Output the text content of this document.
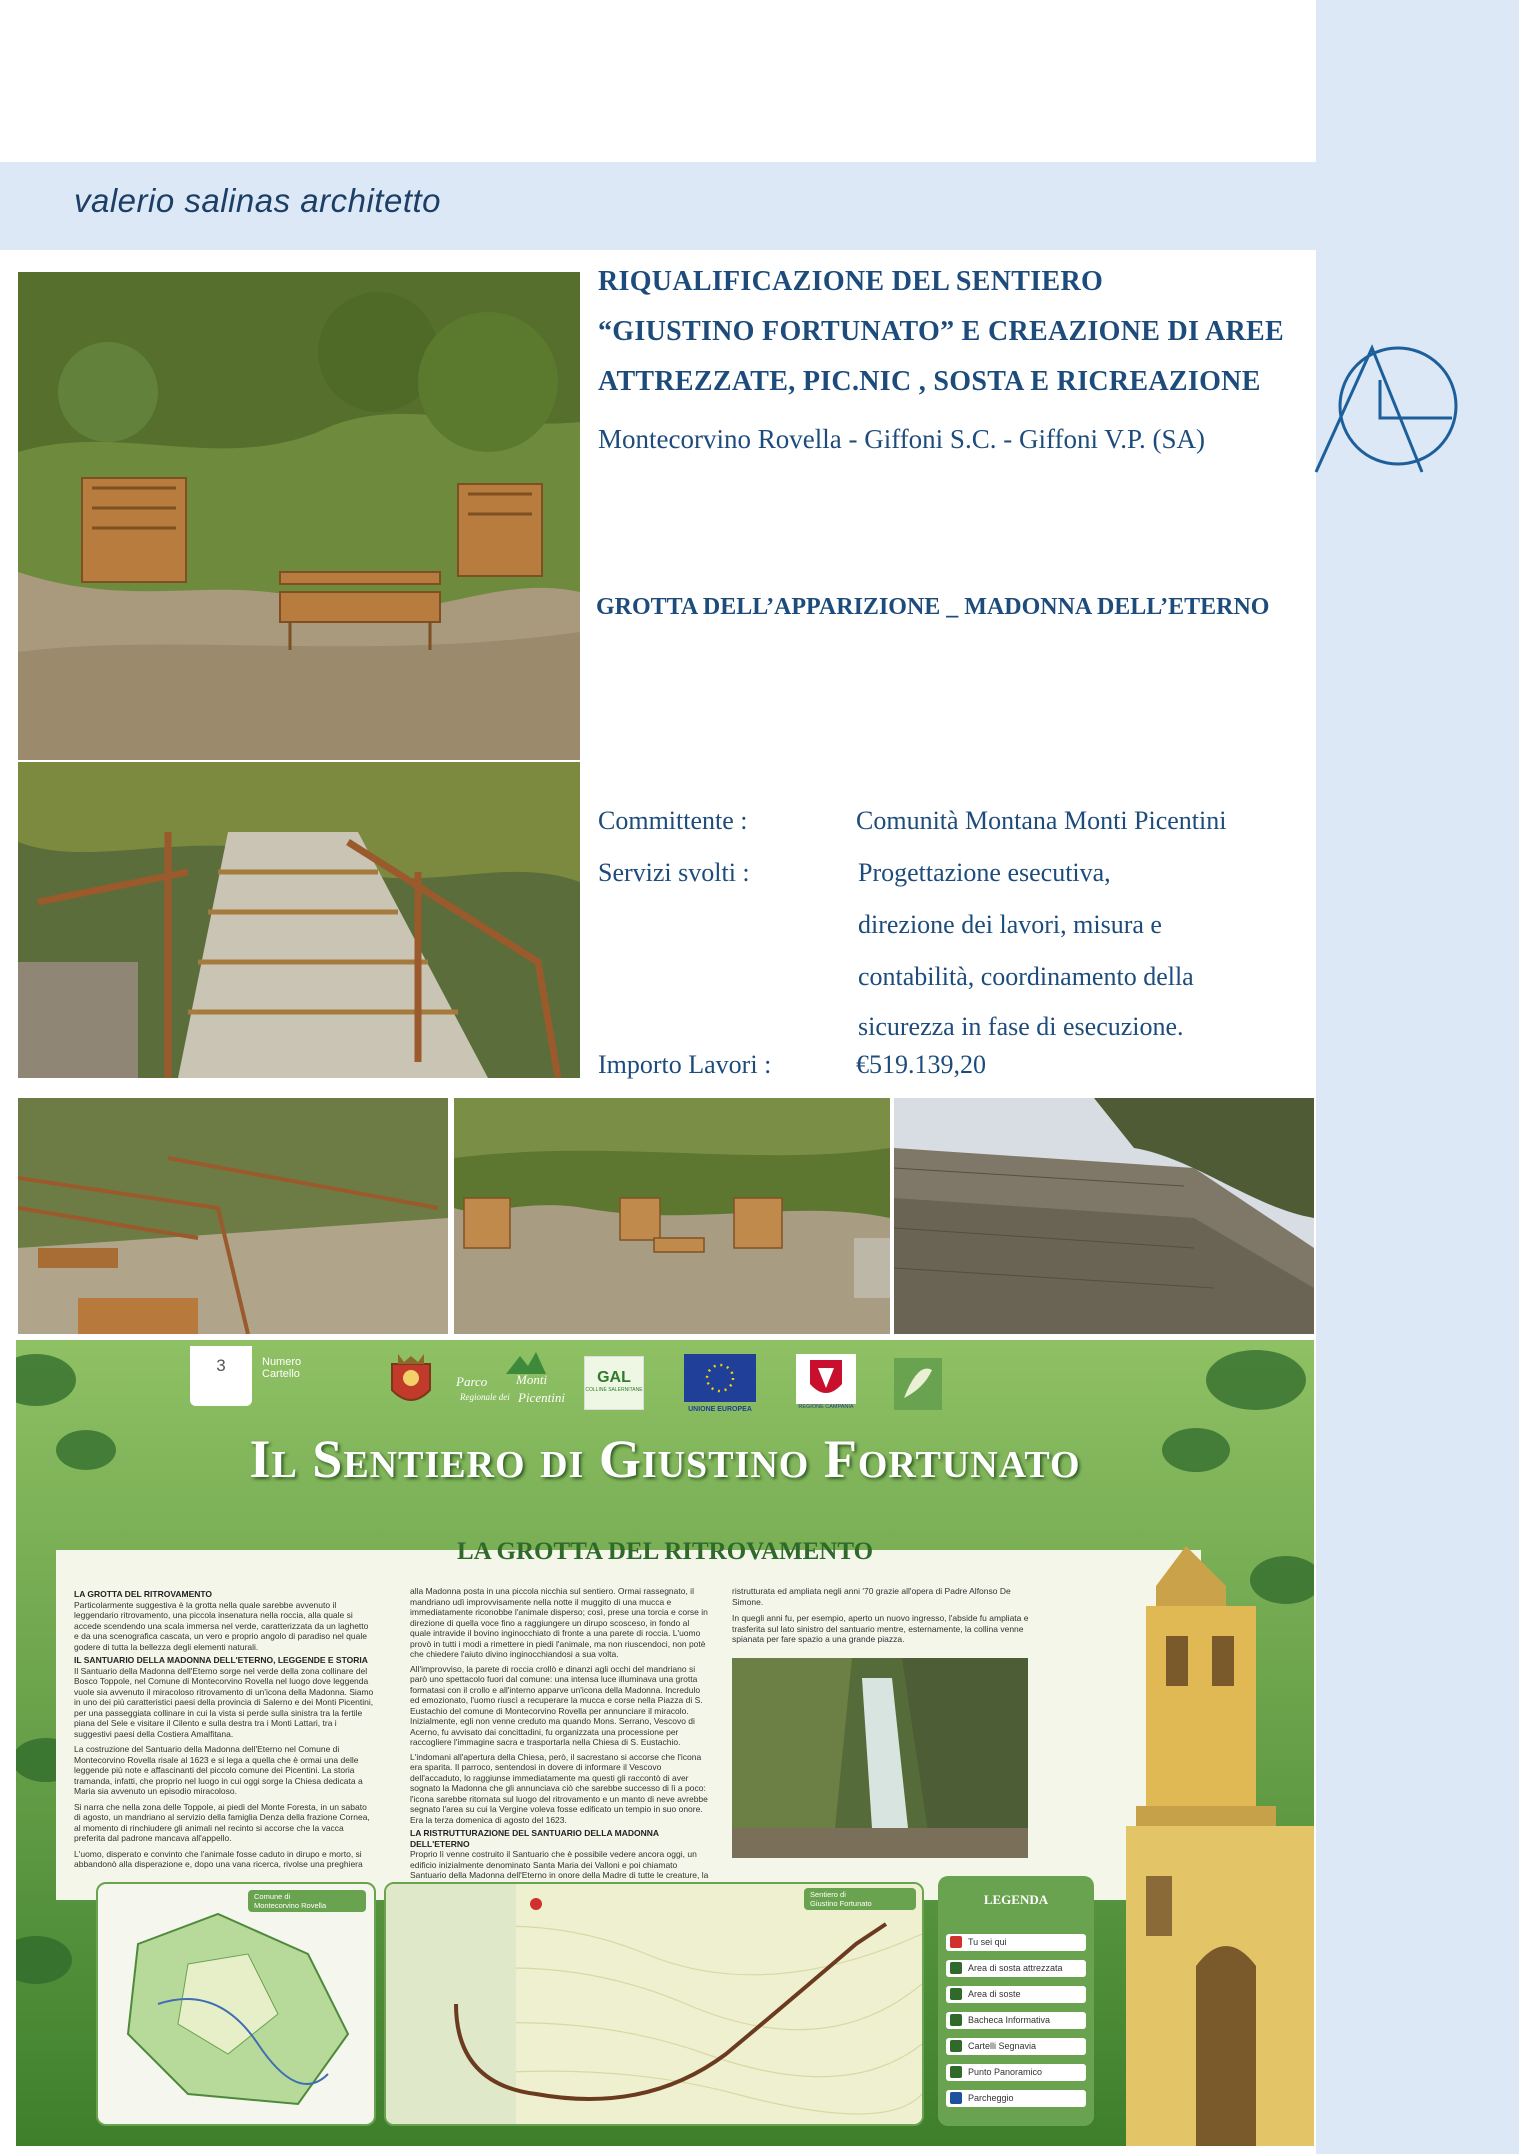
valerio salinas architetto
RIQUALIFICAZIONE DEL SENTIERO
“GIUSTINO FORTUNATO” E CREAZIONE DI AREE
ATTREZZATE, PIC.NIC , SOSTA E RICREAZIONE
Montecorvino Rovella - Giffoni S.C. - Giffoni V.P. (SA)
GROTTA DELL’APPARIZIONE _ MADONNA DELL’ETERNO
Committente :	Comunità Montana Monti Picentini
Servizi svolti :	Progettazione esecutiva,
direzione dei lavori, misura e
contabilità, coordinamento della
sicurezza in fase di esecuzione.
Importo Lavori :	€519.139,20
Il Sentiero di Giustino Fortunato
LA GROTTA DEL RITROVAMENTO
LA GROTTA DEL RITROVAMENTO
Particolarmente suggestiva è la grotta nella quale sarebbe avvenuto il leggendario ritrovamento, una piccola insenatura nella roccia, alla quale si accede scendendo una scala immersa nel verde, caratterizzata da un laghetto e da una scenografica cascata, un vero e proprio angolo di paradiso nel quale godere di tutta la bellezza degli elementi naturali.
IL SANTUARIO DELLA MADONNA DELL'ETERNO, LEGGENDE E STORIA
Il Santuario della Madonna dell'Eterno sorge nel verde della zona collinare del Bosco Toppole, nel Comune di Montecorvino Rovella nel luogo dove leggenda vuole sia avvenuto il miracoloso ritrovamento di un'icona della Madonna. Siamo in uno dei più caratteristici paesi della provincia di Salerno e dei Monti Picentini, per una passeggiata collinare in cui la vista si perde sulla sinistra tra la fertile piana del Sele e visitare il Cilento e sulla destra tra i Monti Lattari, tra i suggestivi paesi della Costiera Amalfitana.
La costruzione del Santuario della Madonna dell'Eterno nel Comune di Montecorvino Rovella risale al 1623 e si lega a quella che è ormai una delle leggende più note e affascinanti del piccolo comune dei Picentini. La storia tramanda, infatti, che proprio nel luogo in cui oggi sorge la Chiesa dedicata a Maria sia avvenuto un episodio miracoloso.
Si narra che nella zona delle Toppole, ai piedi del Monte Foresta, in un sabato di agosto, un mandriano al servizio della famiglia Denza della frazione Cornea, al momento di rinchiudere gli animali nel recinto si accorse che la vacca preferita dal padrone mancava all'appello.
L'uomo, disperato e convinto che l'animale fosse caduto in dirupo e morto, si abbandonò alla disperazione e, dopo una vana ricerca, rivolse una preghiera
alla Madonna posta in una piccola nicchia sul sentiero. Ormai rassegnato, il mandriano udì improvvisamente nella notte il muggito di una mucca e immediatamente riconobbe l'animale disperso; così, prese una torcia e corse in direzione di quella voce fino a raggiungere un dirupo scosceso, in fondo al quale intravide il bovino inginocchiato di fronte a una parete di roccia. L'uomo provò in tutti i modi a rimettere in piedi l'animale, ma non riuscendoci, non potè che chiedere l'aiuto divino inginocchiandosi a sua volta.
All'improvviso, la parete di roccia crollò e dinanzi agli occhi del mandriano si parò uno spettacolo fuori dal comune: una intensa luce illuminava una grotta formatasi con il crollo e all'interno apparve un'icona della Madonna. Incredulo ed emozionato, l'uomo riuscì a recuperare la mucca e corse nella Piazza di S. Eustachio del comune di Montecorvino Rovella per annunciare il miracolo. Inizialmente, egli non venne creduto ma quando Mons. Serrano, Vescovo di Acerno, fu avvisato dai concittadini, fu organizzata una processione per raccogliere l'immagine sacra e trasportarla nella Chiesa di S. Eustachio.
L'indomani all'apertura della Chiesa, però, il sacrestano si accorse che l'icona era sparita. Il parroco, sentendosi in dovere di informare il Vescovo dell'accaduto, lo raggiunse immediatamente ma questi gli raccontò di aver sognato la Madonna che gli annunciava ciò che sarebbe successo di lì a poco: l'icona sarebbe ritornata sul luogo del ritrovamento e un manto di neve avrebbe segnato l'area su cui la Vergine voleva fosse edificato un tempio in suo onore. Era la terza domenica di agosto del 1623.
LA RISTRUTTURAZIONE DEL SANTUARIO DELLA MADONNA DELL'ETERNO
Proprio lì venne costruito il Santuario che è possibile vedere ancora oggi, un edificio inizialmente denominato Santa Maria dei Valloni e poi chiamato Santuario della Madonna dell'Eterno in onore della Madre di tutte le creature, la
ristrutturata ed ampliata negli anni '70 grazie all'opera di Padre Alfonso De Simone.
In quegli anni fu, per esempio, aperto un nuovo ingresso, l'abside fu ampliata e trasferita sul lato sinistro del santuario mentre, esternamente, la collina venne spianata per fare spazio a una grande piazza.
3	Numero
Cartello	Parco Monti
Regionale dei Picentini
GAL
COLLINE SALERNITANE
UNIONE EUROPEA	REGIONE CAMPANIA
Comune di
Montecorvino Rovella
Sentiero di
Giustino Fortunato	LEGENDA
Tu sei qui
Area di sosta attrezzata
Area di soste
Bacheca Informativa
Cartelli Segnavia
Punto Panoramico
Parcheggio
